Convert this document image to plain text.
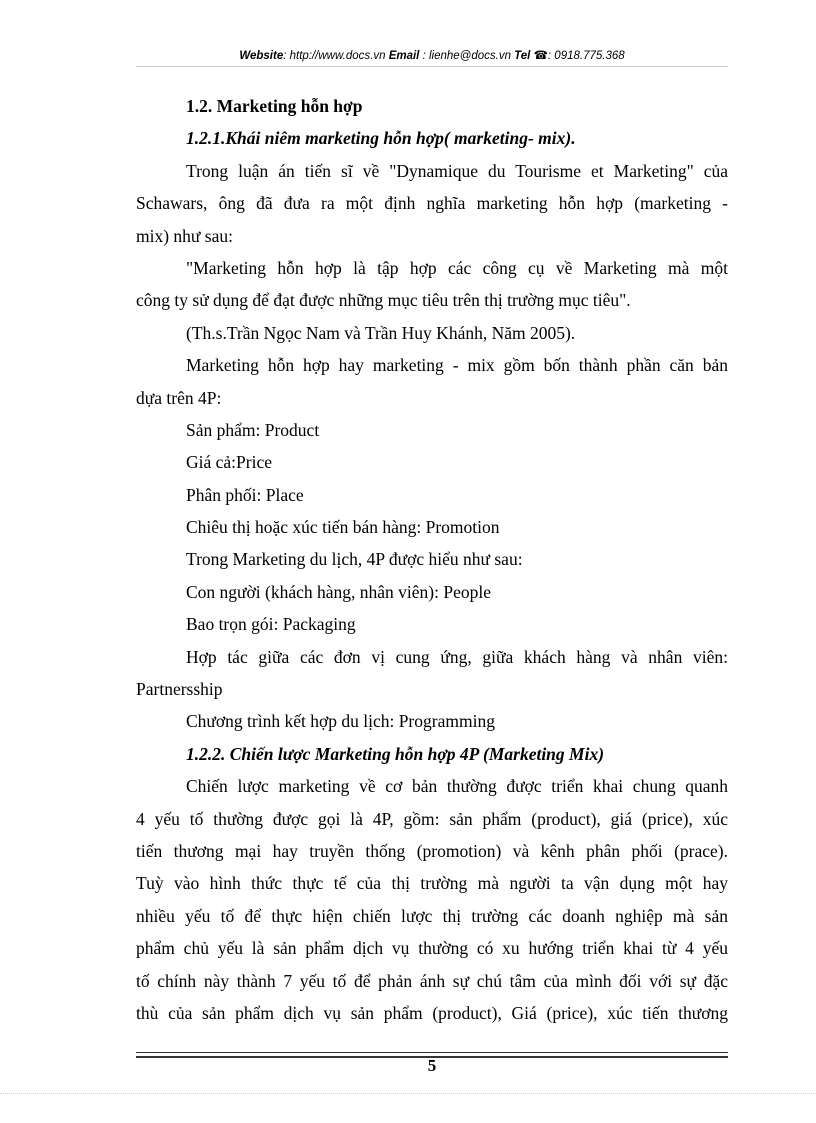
Website: http://www.docs.vn Email : lienhe@docs.vn Tel ☎: 0918.775.368
1.2. Marketing hỗn hợp
1.2.1.Khái niêm marketing hỗn hợp( marketing- mix).
Trong luận án tiến sĩ về "Dynamique du Tourisme et Marketing" của
Schawars, ông đã đưa ra một định nghĩa marketing hỗn hợp (marketing -
mix) như sau:
"Marketing hỗn hợp là tập hợp các công cụ về Marketing mà một
công ty sử dụng để đạt được những mục tiêu trên thị trường mục tiêu".
(Th.s.Trần Ngọc Nam và Trần Huy Khánh, Năm 2005).
Marketing hỗn hợp hay marketing - mix gồm bốn thành phần căn bản
dựa trên 4P:
Sản phẩm: Product
Giá cả:Price
Phân phối: Place
Chiêu thị hoặc xúc tiến bán hàng: Promotion
Trong Marketing du lịch, 4P được hiểu như sau:
Con người (khách hàng, nhân viên): People
Bao trọn gói: Packaging
Hợp tác giữa các đơn vị cung ứng, giữa khách hàng và nhân viên:
Partnersship
Chương trình kết hợp du lịch: Programming
1.2.2. Chiến lược Marketing hỗn hợp 4P (Marketing Mix)
Chiến lược marketing về cơ bản thường được triển khai chung quanh
4 yếu tố thường được gọi là 4P, gồm: sản phẩm (product), giá (price), xúc
tiến thương mại hay truyền thống (promotion) và kênh phân phối (prace).
Tuỳ vào hình thức thực tế của thị trường mà người ta vận dụng một hay
nhiều yếu tố để thực hiện chiến lược thị trường các doanh nghiệp mà sản
phẩm chủ yếu là sản phẩm dịch vụ thường có xu hướng triển khai từ 4 yếu
tố chính này thành 7 yếu tố để phản ánh sự chú tâm của mình đối với sự đặc
thù của sản phẩm dịch vụ sản phẩm (product), Giá (price), xúc tiến thương
5
